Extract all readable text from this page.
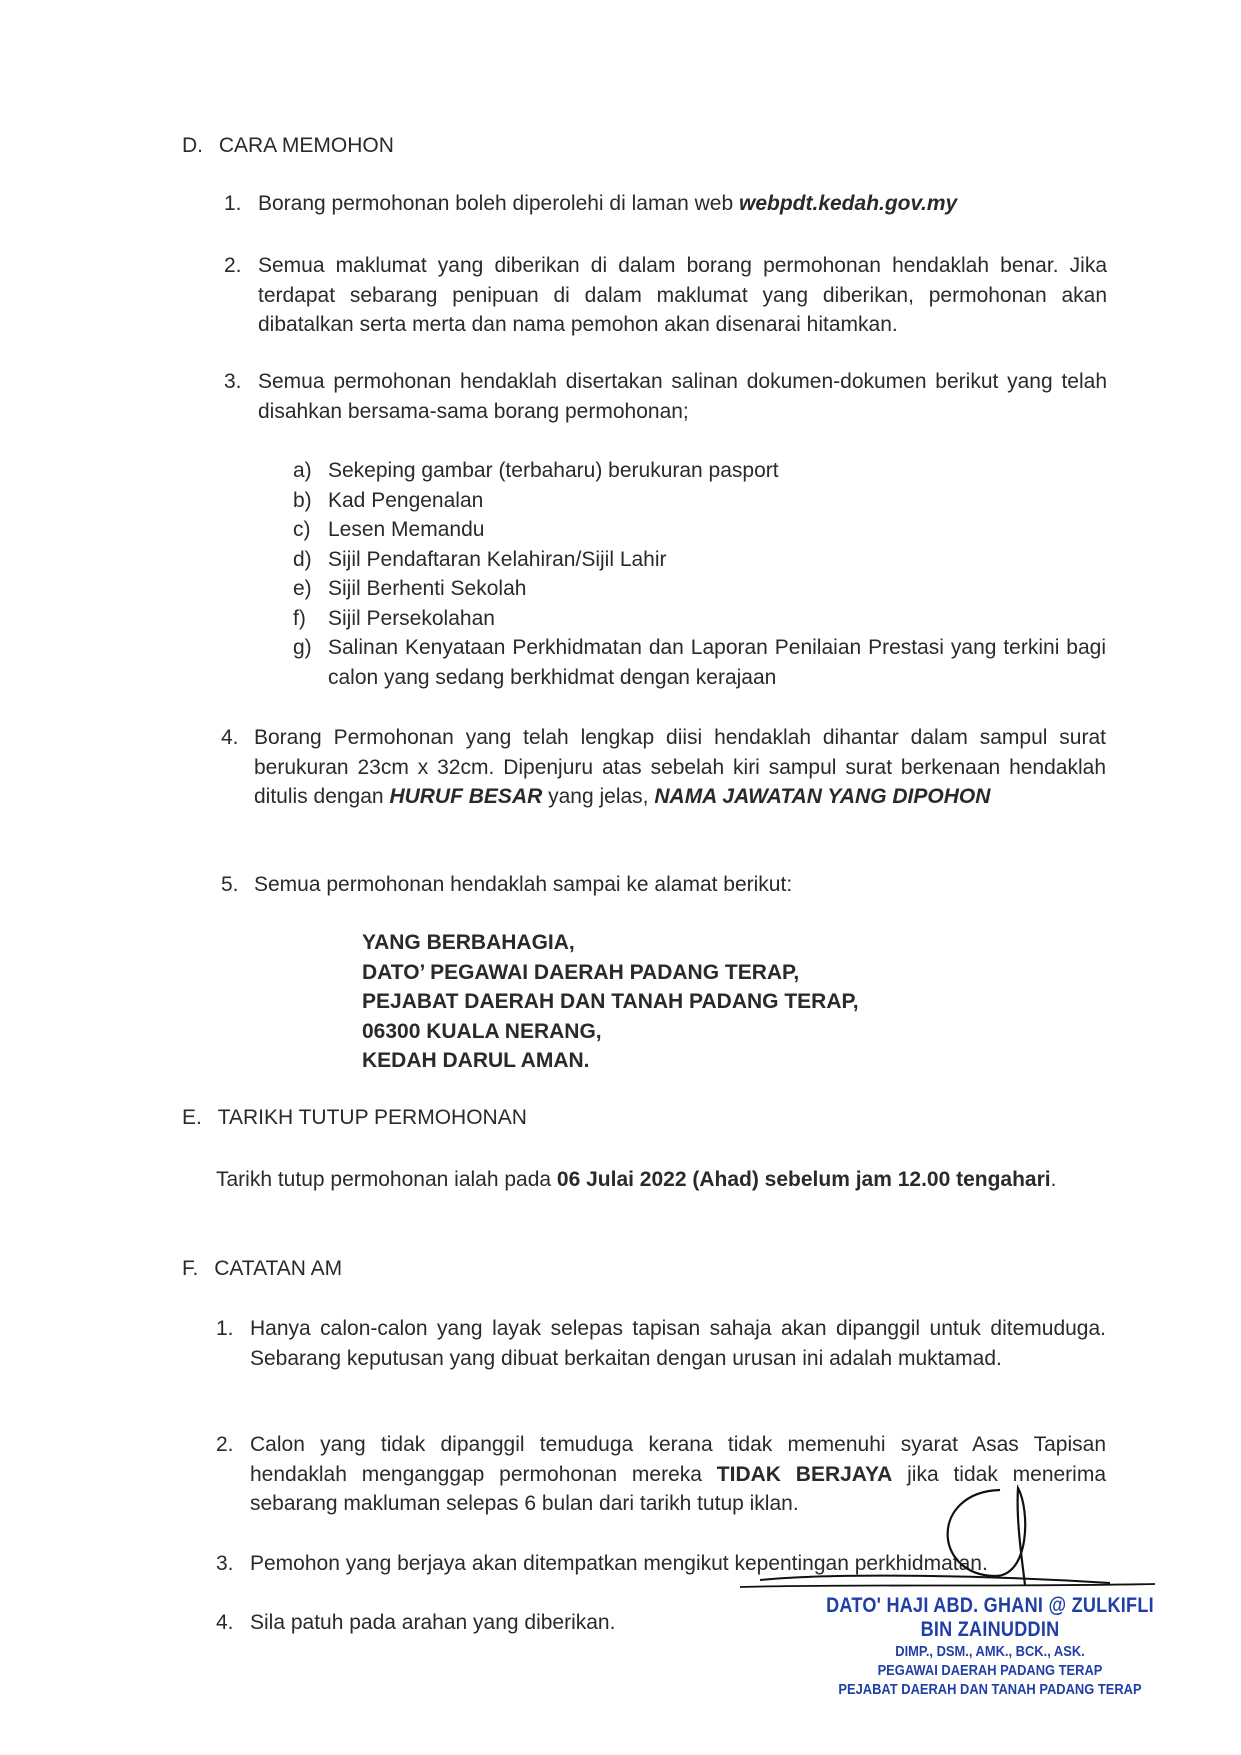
D. CARA MEMOHON
1. Borang permohonan boleh diperolehi di laman web webpdt.kedah.gov.my
2. Semua maklumat yang diberikan di dalam borang permohonan hendaklah benar. Jika terdapat sebarang penipuan di dalam maklumat yang diberikan, permohonan akan dibatalkan serta merta dan nama pemohon akan disenarai hitamkan.
3. Semua permohonan hendaklah disertakan salinan dokumen-dokumen berikut yang telah disahkan bersama-sama borang permohonan;
a) Sekeping gambar (terbaharu) berukuran pasport
b) Kad Pengenalan
c) Lesen Memandu
d) Sijil Pendaftaran Kelahiran/Sijil Lahir
e) Sijil Berhenti Sekolah
f)	Sijil Persekolahan
g) Salinan Kenyataan Perkhidmatan dan Laporan Penilaian Prestasi yang terkini bagi calon yang sedang berkhidmat dengan kerajaan
4. Borang Permohonan yang telah lengkap diisi hendaklah dihantar dalam sampul surat berukuran 23cm x 32cm. Dipenjuru atas sebelah kiri sampul surat berkenaan hendaklah ditulis dengan HURUF BESAR yang jelas, NAMA JAWATAN YANG DIPOHON
5. Semua permohonan hendaklah sampai ke alamat berikut:
YANG BERBAHAGIA,
DATO’ PEGAWAI DAERAH PADANG TERAP,
PEJABAT DAERAH DAN TANAH PADANG TERAP,
06300 KUALA NERANG,
KEDAH DARUL AMAN.
E. TARIKH TUTUP PERMOHONAN
Tarikh tutup permohonan ialah pada 06 Julai 2022 (Ahad) sebelum jam 12.00 tengahari.
F. CATATAN AM
1. Hanya calon-calon yang layak selepas tapisan sahaja akan dipanggil untuk ditemuduga. Sebarang keputusan yang dibuat berkaitan dengan urusan ini adalah muktamad.
2. Calon yang tidak dipanggil temuduga kerana tidak memenuhi syarat Asas Tapisan hendaklah menganggap permohonan mereka TIDAK BERJAYA jika tidak menerima sebarang makluman selepas 6 bulan dari tarikh tutup iklan.
3. Pemohon yang berjaya akan ditempatkan mengikut kepentingan perkhidmatan.
4. Sila patuh pada arahan yang diberikan.
DATO' HAJI ABD. GHANI @ ZULKIFLI BIN ZAINUDDIN
DIMP., DSM., AMK., BCK., ASK.
PEGAWAI DAERAH PADANG TERAP
PEJABAT DAERAH DAN TANAH PADANG TERAP
